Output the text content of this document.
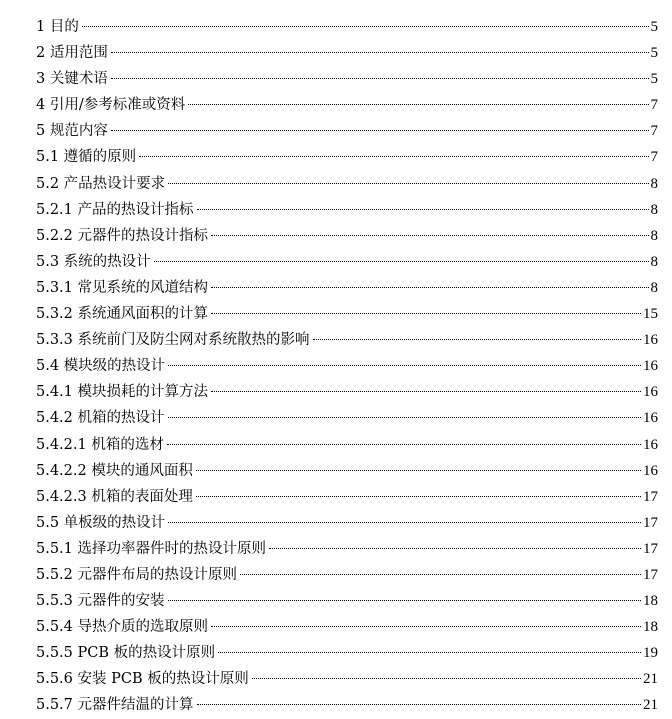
1 目的	5
2 适用范围	5
3 关键术语	5
4 引用/参考标准或资料	7
5 规范内容	7
5.1 遵循的原则	7
5.2 产品热设计要求	8
5.2.1 产品的热设计指标	8
5.2.2 元器件的热设计指标	8
5.3 系统的热设计	8
5.3.1 常见系统的风道结构	8
5.3.2 系统通风面积的计算	15
5.3.3 系统前门及防尘网对系统散热的影响	16
5.4 模块级的热设计	16
5.4.1 模块损耗的计算方法	16
5.4.2 机箱的热设计	16
5.4.2.1 机箱的选材	16
5.4.2.2 模块的通风面积	16
5.4.2.3 机箱的表面处理	17
5.5 单板级的热设计	17
5.5.1 选择功率器件时的热设计原则	17
5.5.2 元器件布局的热设计原则	17
5.5.3 元器件的安装	18
5.5.4 导热介质的选取原则	18
5.5.5 PCB 板的热设计原则	19
5.5.6 安装 PCB 板的热设计原则	21
5.5.7 元器件结温的计算	21
